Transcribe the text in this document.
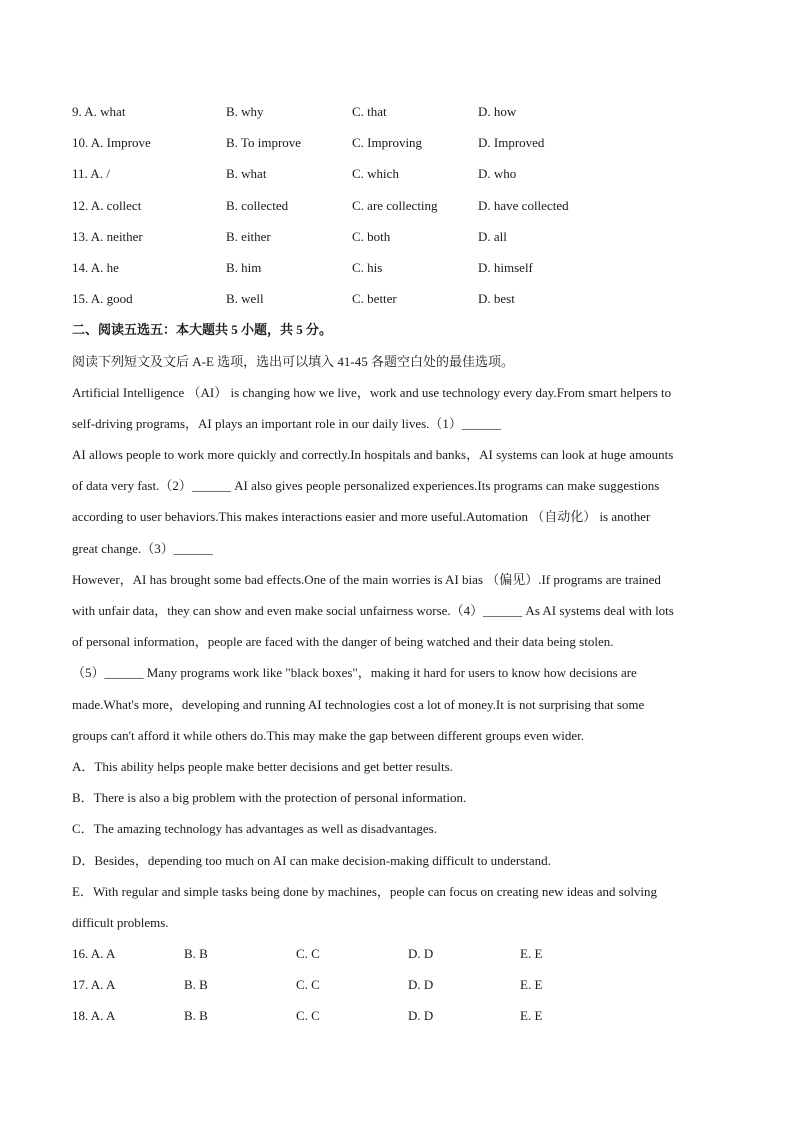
9. A. what	B. why	C. that	D. how
10. A. Improve	B. To improve	C. Improving	D. Improved
11. A. /	B. what	C. which	D. who
12. A. collect	B. collected	C. are collecting	D. have collected
13. A. neither	B. either	C. both	D. all
14. A. he	B. him	C. his	D. himself
15. A. good	B. well	C. better	D. best
二、阅读五选五：本大题共 5 小题，共 5 分。
阅读下列短文及文后 A-E 选项，选出可以填入 41-45 各题空白处的最佳选项。
Artificial Intelligence （AI） is changing how we live，work and use technology every day.From smart helpers to
self-driving programs，AI plays an important role in our daily lives.（1）______
AI allows people to work more quickly and correctly.In hospitals and banks，AI systems can look at huge amounts
of data very fast.（2）______ AI also gives people personalized experiences.Its programs can make suggestions
according to user behaviors.This makes interactions easier and more useful.Automation （自动化） is another
great change.（3）______
However，AI has brought some bad effects.One of the main worries is AI bias （偏见）.If programs are trained
with unfair data，they can show and even make social unfairness worse.（4）______ As AI systems deal with lots
of personal information，people are faced with the danger of being watched and their data being stolen.
（5）______ Many programs work like "black boxes"，making it hard for users to know how decisions are
made.What's more，developing and running AI technologies cost a lot of money.It is not surprising that some
groups can't afford it while others do.This may make the gap between different groups even wider.
A．This ability helps people make better decisions and get better results.
B．There is also a big problem with the protection of personal information.
C．The amazing technology has advantages as well as disadvantages.
D．Besides，depending too much on AI can make decision-making difficult to understand.
E．With regular and simple tasks being done by machines，people can focus on creating new ideas and solving
difficult problems.
16. A. A	B. B	C. C	D. D	E. E
17. A. A	B. B	C. C	D. D	E. E
18. A. A	B. B	C. C	D. D	E. E
